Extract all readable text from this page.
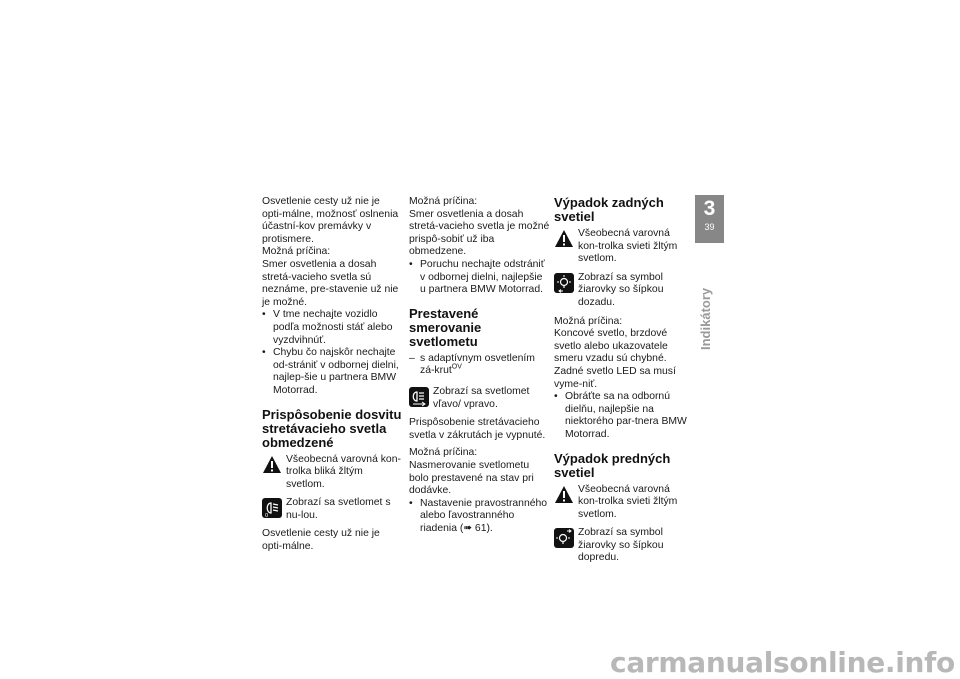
Osvetlenie cesty už nie je opti-málne, možnosť oslnenia účastní-kov premávky v protismere.

Možná príčina:

Smer osvetlenia a dosah stretá-vacieho svetla sú neznáme, pre-stavenie už nie je možné.

• V tme nechajte vozidlo podľa možnosti stáť alebo vyzdvihnúť.
• Chybu čo najskôr nechajte od-strániť v odbornej dielni, najlep-šie u partnera BMW Motorrad.
Prispôsobenie dosvitu stretávacieho svetla obmedzené
Všeobecná varovná kon-trolka bliká žltým svetlom.
0
Zobrazí sa svetlomet s nu-lou.

Osvetlenie cesty už nie je opti-málne.

Možná príčina:

Smer osvetlenia a dosah stretá-vacieho svetla je možné prispô-sobiť už iba obmedzene.

• Poruchu nechajte odstrániť v odbornej dielni, najlepšie u partnera BMW Motorrad.
Prestavené smerovanie svetlometu
– s adaptívnym osvetlením zá-krut$^{OV}$
Zobrazí sa svetlomet vľavo/ vpravo.

Prispôsobenie stretávacieho svetla v zákrutách je vypnuté.

Možná príčina:

Nasmerovanie svetlometu bolo prestavené na stav pri dodávke.

• Nastavenie pravostranného alebo ľavostranného riadenia (➠ 61).
Výpadok zadných svetiel
Všeobecná varovná kon-trolka svieti žltým svetlom.
Zobrazí sa symbol žiarovky so šípkou dozadu.

Možná príčina:

Koncové svetlo, brzdové svetlo alebo ukazovatele smeru vzadu sú chybné.

Zadné svetlo LED sa musí vyme-niť.

• Obráťte sa na odbornú dielňu, najlepšie na niektorého par-tnera BMW Motorrad.
Výpadok predných svetiel
Všeobecná varovná kon-trolka svieti žltým svetlom.
Zobrazí sa symbol žiarovky so šípkou dopredu.
3
39
Indikátory
carmanualsonline.info
